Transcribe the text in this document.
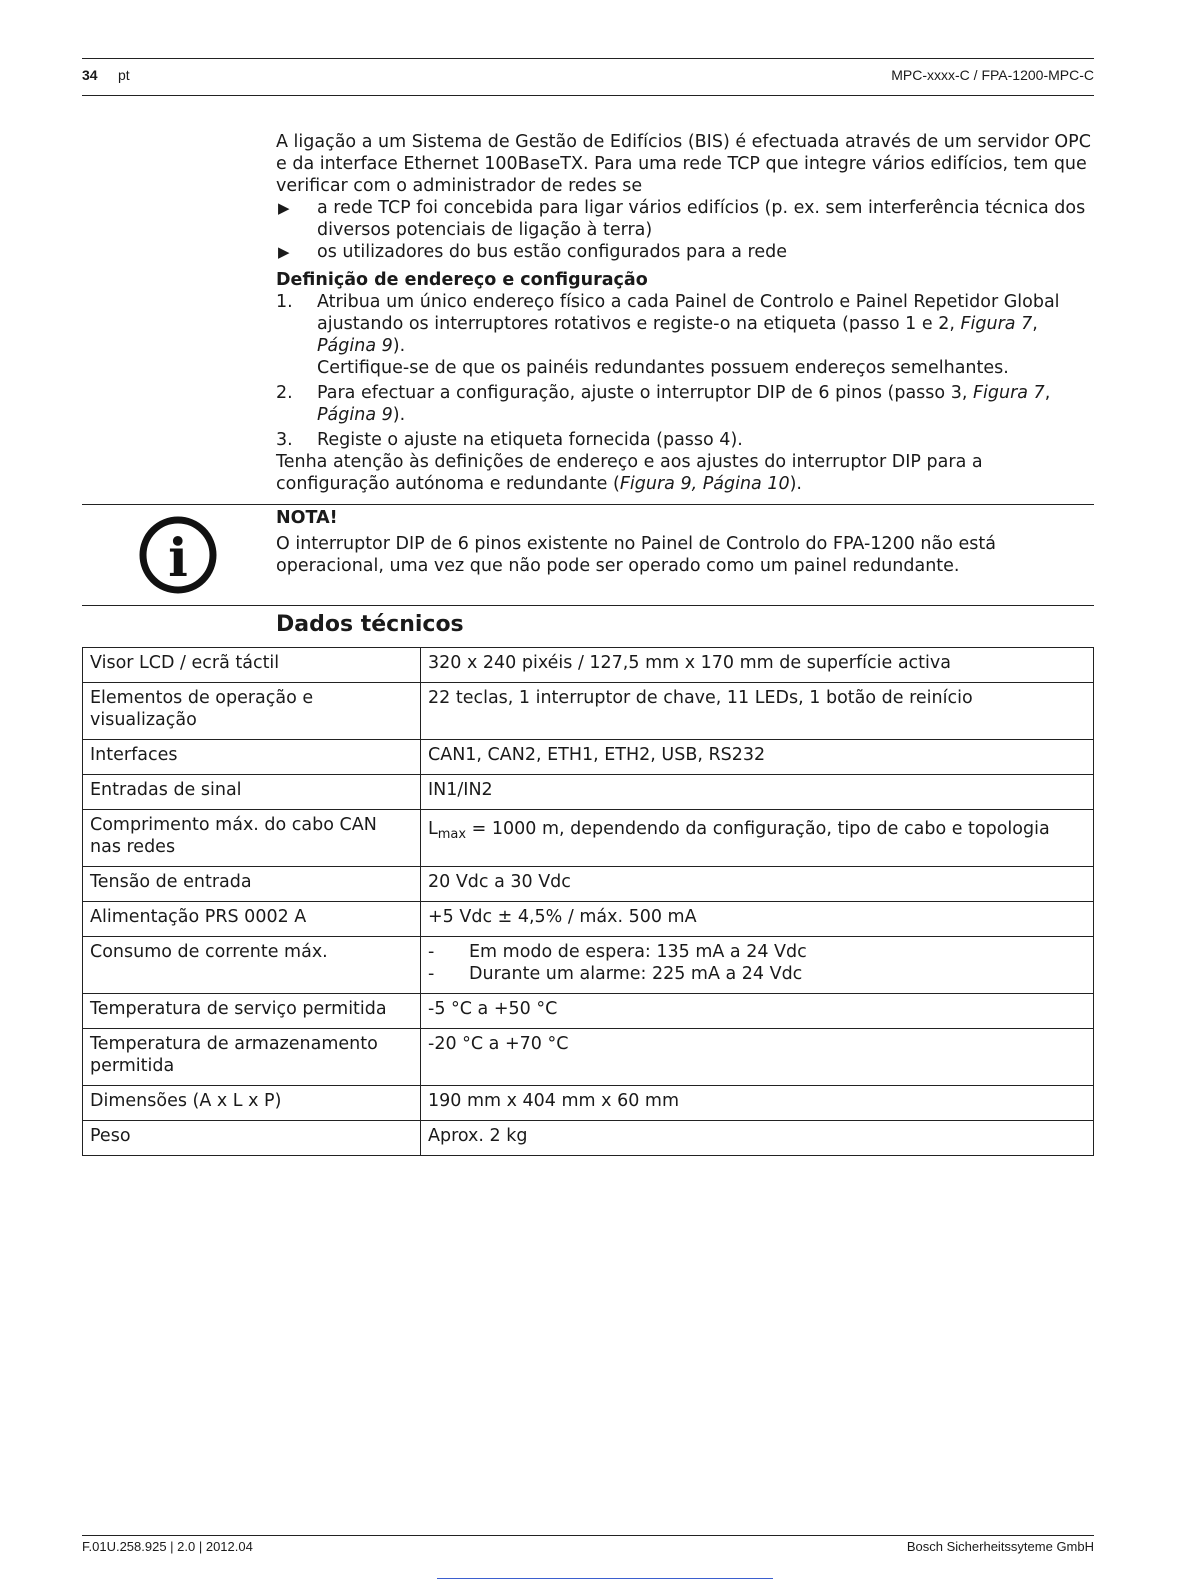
34 pt	MPC-xxxx-C / FPA-1200-MPC-C

A ligação a um Sistema de Gestão de Edifícios (BIS) é efectuada através de um servidor OPC e da interface Ethernet 100BaseTX. Para uma rede TCP que integre vários edifícios, tem que verificar com o administrador de redes se

▶ a rede TCP foi concebida para ligar vários edifícios (p. ex. sem interferência técnica dos diversos potenciais de ligação à terra)
▶ os utilizadores do bus estão configurados para a rede

Definição de endereço e configuração

1. Atribua um único endereço físico a cada Painel de Controlo e Painel Repetidor Global ajustando os interruptores rotativos e registe-o na etiqueta (passo 1 e 2, Figura 7, Página 9).
Certifique-se de que os painéis redundantes possuem endereços semelhantes.
2. Para efectuar a configuração, ajuste o interruptor DIP de 6 pinos (passo 3, Figura 7, Página 9).
3. Registe o ajuste na etiqueta fornecida (passo 4).

Tenha atenção às definições de endereço e aos ajustes do interruptor DIP para a configuração autónoma e redundante (Figura 9, Página 10).

i

NOTA!

O interruptor DIP de 6 pinos existente no Painel de Controlo do FPA-1200 não está operacional, uma vez que não pode ser operado como um painel redundante.

Dados técnicos
Visor LCD / ecrã táctil	320 x 240 pixéis / 127,5 mm x 170 mm de superfície activa
Elementos de operação e visualização	22 teclas, 1 interruptor de chave, 11 LEDs, 1 botão de reinício
Interfaces	CAN1, CAN2, ETH1, ETH2, USB, RS232
Entradas de sinal	IN1/IN2
Comprimento máx. do cabo CAN nas redes	$L_{max} = 1000$ m, dependendo da configuração, tipo de cabo e topologia
Tensão de entrada	20 Vdc a 30 Vdc
Alimentação PRS 0002 A	+5 Vdc ± 4,5% / máx. 500 mA
Consumo de corrente máx.	- Em modo de espera: 135 mA a 24 Vdc
- Durante um alarme: 225 mA a 24 Vdc

Temperatura de serviço permitida	-5 °C a +50 °C
Temperatura de armazenamento permitida	-20 °C a +70 °C
Dimensões (A x L x P)	190 mm x 404 mm x 60 mm
Peso	Aprox. 2 kg
F.01U.258.925 | 2.0 | 2012.04	Bosch Sicherheitssyteme GmbH
